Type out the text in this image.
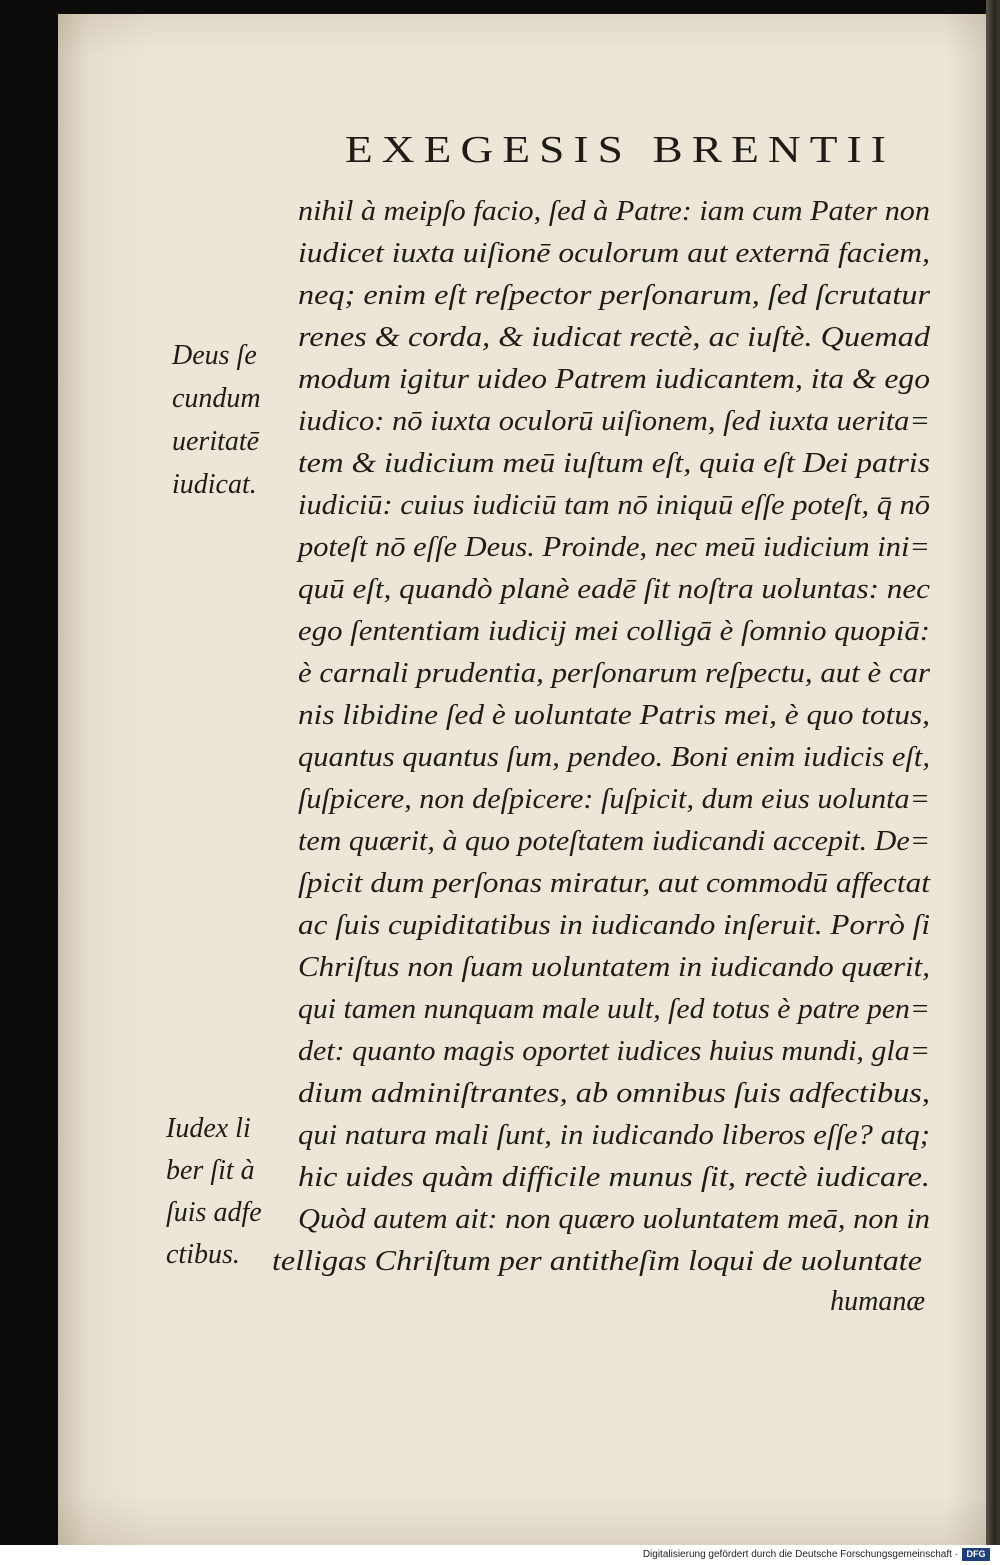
EXEGESIS BRENTII
Deus ſe
cundum
ueritatē
iudicat.
Iudex li
ber ſit à
ſuis adfe
ctibus.
nihil à meipſo facio, ſed à Patre: iam cum Pater non
iudicet iuxta uiſionē oculorum aut externā faciem,
neq; enim eſt reſpector perſonarum, ſed ſcrutatur
renes & corda, & iudicat rectè, ac iuſtè. Quemad
modum igitur uideo Patrem iudicantem, ita & ego
iudico: nō iuxta oculorū uiſionem, ſed iuxta uerita=
tem & iudicium meū iuſtum eſt, quia eſt Dei patris
iudiciū: cuius iudiciū tam nō iniquū eſſe poteſt, q̄ nō
poteſt nō eſſe Deus. Proinde, nec meū iudicium ini=
quū eſt, quandò planè eadē ſit noſtra uoluntas: nec
ego ſententiam iudicij mei colligā è ſomnio quopiā:
è carnali prudentia, perſonarum reſpectu, aut è car
nis libidine ſed è uoluntate Patris mei, è quo totus,
quantus quantus ſum, pendeo. Boni enim iudicis eſt,
ſuſpicere, non deſpicere: ſuſpicit, dum eius uolunta=
tem quærit, à quo poteſtatem iudicandi accepit. De=
ſpicit dum perſonas miratur, aut commodū affectat
ac ſuis cupiditatibus in iudicando inſeruit. Porrò ſi
Chriſtus non ſuam uoluntatem in iudicando quærit,
qui tamen nunquam male uult, ſed totus è patre pen=
det: quanto magis oportet iudices huius mundi, gla=
dium adminiſtrantes, ab omnibus ſuis adfectibus,
qui natura mali ſunt, in iudicando liberos eſſe? atq;
hic uides quàm difficile munus ſit, rectè iudicare.
Quòd autem ait: non quæro uoluntatem meā, non in
telligas Chriſtum per antitheſim loqui de uoluntate
humanæ
Digitalisierung gefördert durch die Deutsche Forschungsgemeinschaft · DFG
